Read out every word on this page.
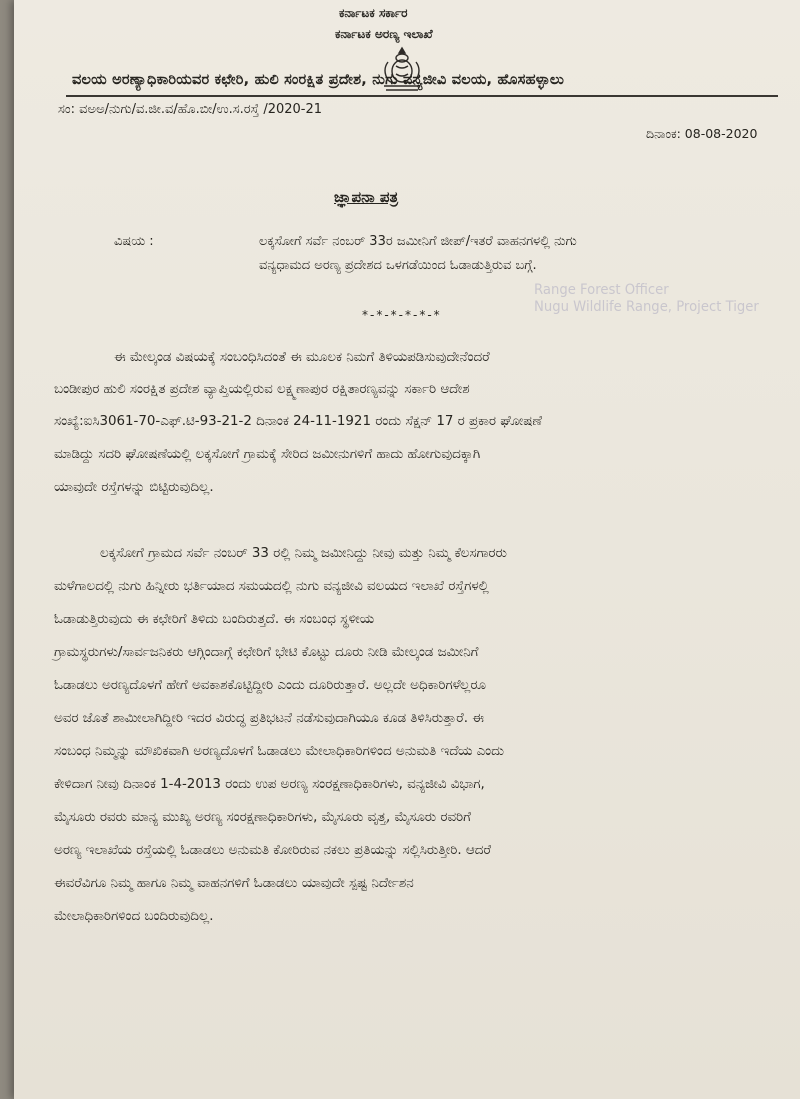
ಕರ್ನಾಟಕ ಸರ್ಕಾರ
ಕರ್ನಾಟಕ ಅರಣ್ಯ ಇಲಾಖೆ
ವಲಯ ಅರಣ್ಯಾಧಿಕಾರಿಯವರ ಕಛೇರಿ, ಹುಲಿ ಸಂರಕ್ಷಿತ ಪ್ರದೇಶ, ನುಗು ವನ್ಯಜೀವಿ ವಲಯ, ಹೊಸಹಳ್ಳಾಲು
ಸಂ: ವಅಅ/ನುಗು/ವ.ಜೀ.ವ/ಹೊ.ಬೀ/ಉ.ಸ.ರಸ್ತೆ /2020-21
ದಿನಾಂಕ: 08-08-2020
ಜ್ಞಾಪನಾ ಪತ್ರ
ವಿಷಯ :	ಲಕ್ಕಸೋಗೆ ಸರ್ವೆ ನಂಬರ್ 33ರ ಜಮೀನಿಗೆ ಜೀಪ್/ಇತರೆ ವಾಹನಗಳಲ್ಲಿ ನುಗು
ವನ್ಯಧಾಮದ ಅರಣ್ಯ ಪ್ರದೇಶದ ಒಳಗಡೆಯಿಂದ ಓಡಾಡುತ್ತಿರುವ ಬಗ್ಗೆ.
Range Forest Officer
Nugu Wildlife Range, Project Tiger
*-*-*-*-*-*
ಈ ಮೇಲ್ಕಂಡ ವಿಷಯಕ್ಕೆ ಸಂಬಂಧಿಸಿದಂತೆ ಈ ಮೂಲಕ ನಿಮಗೆ ತಿಳಿಯಪಡಿಸುವುದೇನೆಂದರೆ
ಬಂಡೀಪುರ ಹುಲಿ ಸಂರಕ್ಷಿತ ಪ್ರದೇಶ ವ್ಯಾಪ್ತಿಯಲ್ಲಿರುವ ಲಕ್ಷ್ಮಣಾಪುರ ರಕ್ಷಿತಾರಣ್ಯವನ್ನು ಸರ್ಕಾರಿ ಆದೇಶ
ಸಂಖ್ಯೆ:ಐಸಿ3061-70-ಎಫ್.ಟಿ-93-21-2 ದಿನಾಂಕ 24-11-1921 ರಂದು ಸೆಕ್ಷನ್ 17 ರ ಪ್ರಕಾರ ಘೋಷಣೆ
ಮಾಡಿದ್ದು ಸದರಿ ಘೋಷಣೆಯಲ್ಲಿ ಲಕ್ಕಸೋಗೆ ಗ್ರಾಮಕ್ಕೆ ಸೇರಿದ ಜಮೀನುಗಳಿಗೆ ಹಾದು ಹೋಗುವುದಕ್ಕಾಗಿ
ಯಾವುದೇ ರಸ್ತೆಗಳನ್ನು ಬಿಟ್ಟಿರುವುದಿಲ್ಲ.
ಲಕ್ಕಸೋಗೆ ಗ್ರಾಮದ ಸರ್ವೆ ನಂಬರ್ 33 ರಲ್ಲಿ ನಿಮ್ಮ ಜಮೀನಿದ್ದು ನೀವು ಮತ್ತು ನಿಮ್ಮ ಕೆಲಸಗಾರರು
ಮಳೆಗಾಲದಲ್ಲಿ ನುಗು ಹಿನ್ನೀರು ಭರ್ತಿಯಾದ ಸಮಯದಲ್ಲಿ ನುಗು ವನ್ಯಜೀವಿ ವಲಯದ ಇಲಾಖೆ ರಸ್ತೆಗಳಲ್ಲಿ
ಓಡಾಡುತ್ತಿರುವುದು ಈ ಕಛೇರಿಗೆ ತಿಳಿದು ಬಂದಿರುತ್ತದೆ. ಈ ಸಂಬಂಧ ಸ್ಥಳೀಯ
ಗ್ರಾಮಸ್ಥರುಗಳು/ಸಾರ್ವಜನಿಕರು ಆಗ್ಗಿಂದಾಗ್ಗೆ ಕಛೇರಿಗೆ ಭೇಟಿ ಕೊಟ್ಟು ದೂರು ನೀಡಿ ಮೇಲ್ಕಂಡ ಜಮೀನಿಗೆ
ಓಡಾಡಲು ಅರಣ್ಯದೊಳಗೆ ಹೇಗೆ ಅವಕಾಶಕೊಟ್ಟಿದ್ದೀರಿ ಎಂದು ದೂರಿರುತ್ತಾರೆ. ಅಲ್ಲದೇ ಅಧಿಕಾರಿಗಳೆಲ್ಲರೂ
ಅವರ ಜೊತೆ ಶಾಮೀಲಾಗಿದ್ದೀರಿ ಇದರ ವಿರುದ್ಧ ಪ್ರತಿಭಟನೆ ನಡೆಸುವುದಾಗಿಯೂ ಕೂಡ ತಿಳಿಸಿರುತ್ತಾರೆ. ಈ
ಸಂಬಂಧ ನಿಮ್ಮನ್ನು ಮೌಖಿಕವಾಗಿ ಅರಣ್ಯದೊಳಗೆ ಓಡಾಡಲು ಮೇಲಾಧಿಕಾರಿಗಳಿಂದ ಅನುಮತಿ ಇದೆಯ ಎಂದು
ಕೇಳಿದಾಗ ನೀವು ದಿನಾಂಕ 1-4-2013 ರಂದು ಉಪ ಅರಣ್ಯ ಸಂರಕ್ಷಣಾಧಿಕಾರಿಗಳು, ವನ್ಯಜೀವಿ ವಿಭಾಗ,
ಮೈಸೂರು ರವರು ಮಾನ್ಯ ಮುಖ್ಯ ಅರಣ್ಯ ಸಂರಕ್ಷಣಾಧಿಕಾರಿಗಳು, ಮೈಸೂರು ವೃತ್ತ, ಮೈಸೂರು ರವರಿಗೆ
ಅರಣ್ಯ ಇಲಾಖೆಯ ರಸ್ತೆಯಲ್ಲಿ ಓಡಾಡಲು ಅನುಮತಿ ಕೋರಿರುವ ನಕಲು ಪ್ರತಿಯನ್ನು ಸಲ್ಲಿಸಿರುತ್ತೀರಿ. ಆದರೆ
ಈವರೆವಿಗೂ ನಿಮ್ಮ ಹಾಗೂ ನಿಮ್ಮ ವಾಹನಗಳಿಗೆ ಓಡಾಡಲು ಯಾವುದೇ ಸ್ಪಷ್ಟ ನಿರ್ದೇಶನ
ಮೇಲಾಧಿಕಾರಿಗಳಿಂದ ಬಂದಿರುವುದಿಲ್ಲ.
